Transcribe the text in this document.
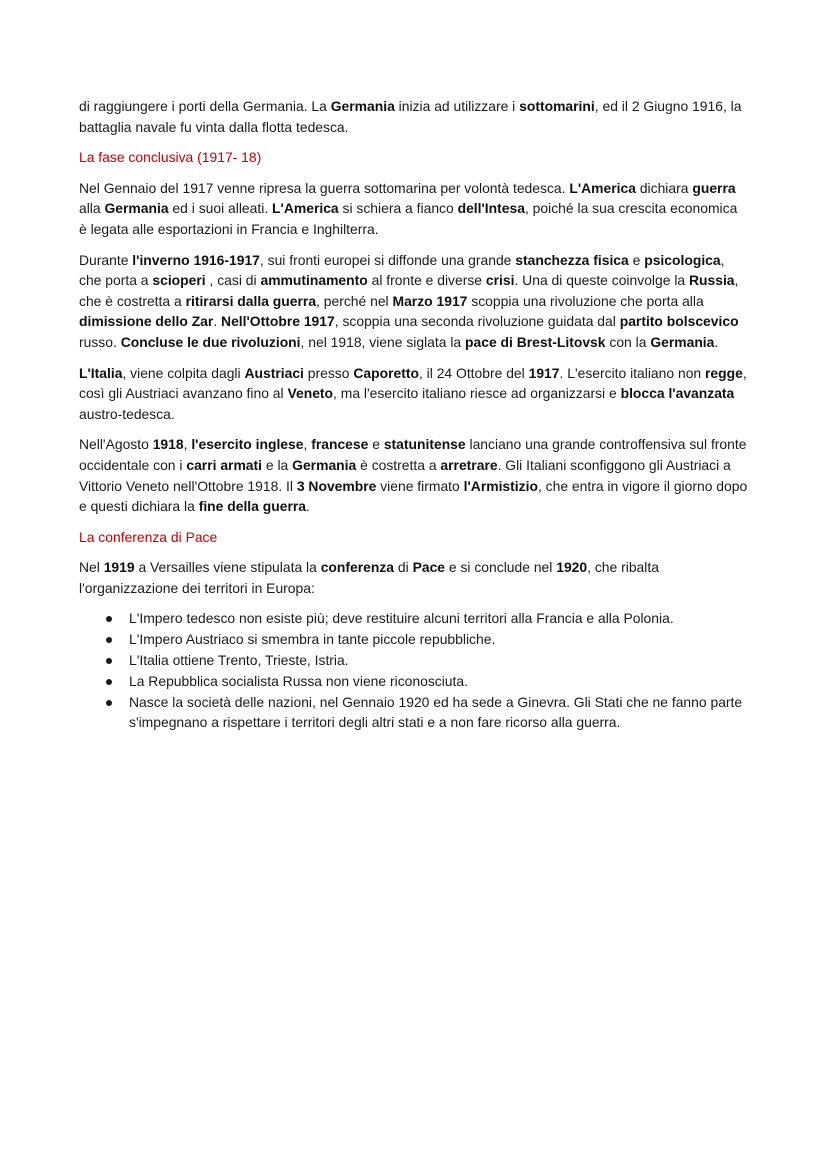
di raggiungere i porti della Germania. La Germania inizia ad utilizzare i sottomarini, ed il 2 Giugno 1916, la battaglia navale fu vinta dalla flotta tedesca.

La fase conclusiva (1917- 18)

Nel Gennaio del 1917 venne ripresa la guerra sottomarina per volontà tedesca. L'America dichiara guerra alla Germania ed i suoi alleati. L'America si schiera a fianco dell'Intesa, poiché la sua crescita economica è legata alle esportazioni in Francia e Inghilterra.

Durante l'inverno 1916-1917, sui fronti europei si diffonde una grande stanchezza fisica e psicologica, che porta a scioperi , casi di ammutinamento al fronte e diverse crisi. Una di queste coinvolge la Russia, che è costretta a ritirarsi dalla guerra, perché nel Marzo 1917 scoppia una rivoluzione che porta alla dimissione dello Zar. Nell'Ottobre 1917, scoppia una seconda rivoluzione guidata dal partito bolscevico russo. Concluse le due rivoluzioni, nel 1918, viene siglata la pace di Brest-Litovsk con la Germania.

L'Italia, viene colpita dagli Austriaci presso Caporetto, il 24 Ottobre del 1917. L'esercito italiano non regge, così gli Austriaci avanzano fino al Veneto, ma l'esercito italiano riesce ad organizzarsi e blocca l'avanzata austro-tedesca.

Nell'Agosto 1918, l'esercito inglese, francese e statunitense lanciano una grande controffensiva sul fronte occidentale con i carri armati e la Germania è costretta a arretrare. Gli Italiani sconfiggono gli Austriaci a Vittorio Veneto nell'Ottobre 1918. Il 3 Novembre viene firmato l'Armistizio, che entra in vigore il giorno dopo e questi dichiara la fine della guerra.

La conferenza di Pace

Nel 1919 a Versailles viene stipulata la conferenza di Pace e si conclude nel 1920, che ribalta l'organizzazione dei territori in Europa:

L'Impero tedesco non esiste più; deve restituire alcuni territori alla Francia e alla Polonia.
L'Impero Austriaco si smembra in tante piccole repubbliche.
L'Italia ottiene Trento, Trieste, Istria.
La Repubblica socialista Russa non viene riconosciuta.
Nasce la società delle nazioni, nel Gennaio 1920 ed ha sede a Ginevra. Gli Stati che ne fanno parte s'impegnano a rispettare i territori degli altri stati e a non fare ricorso alla guerra.
